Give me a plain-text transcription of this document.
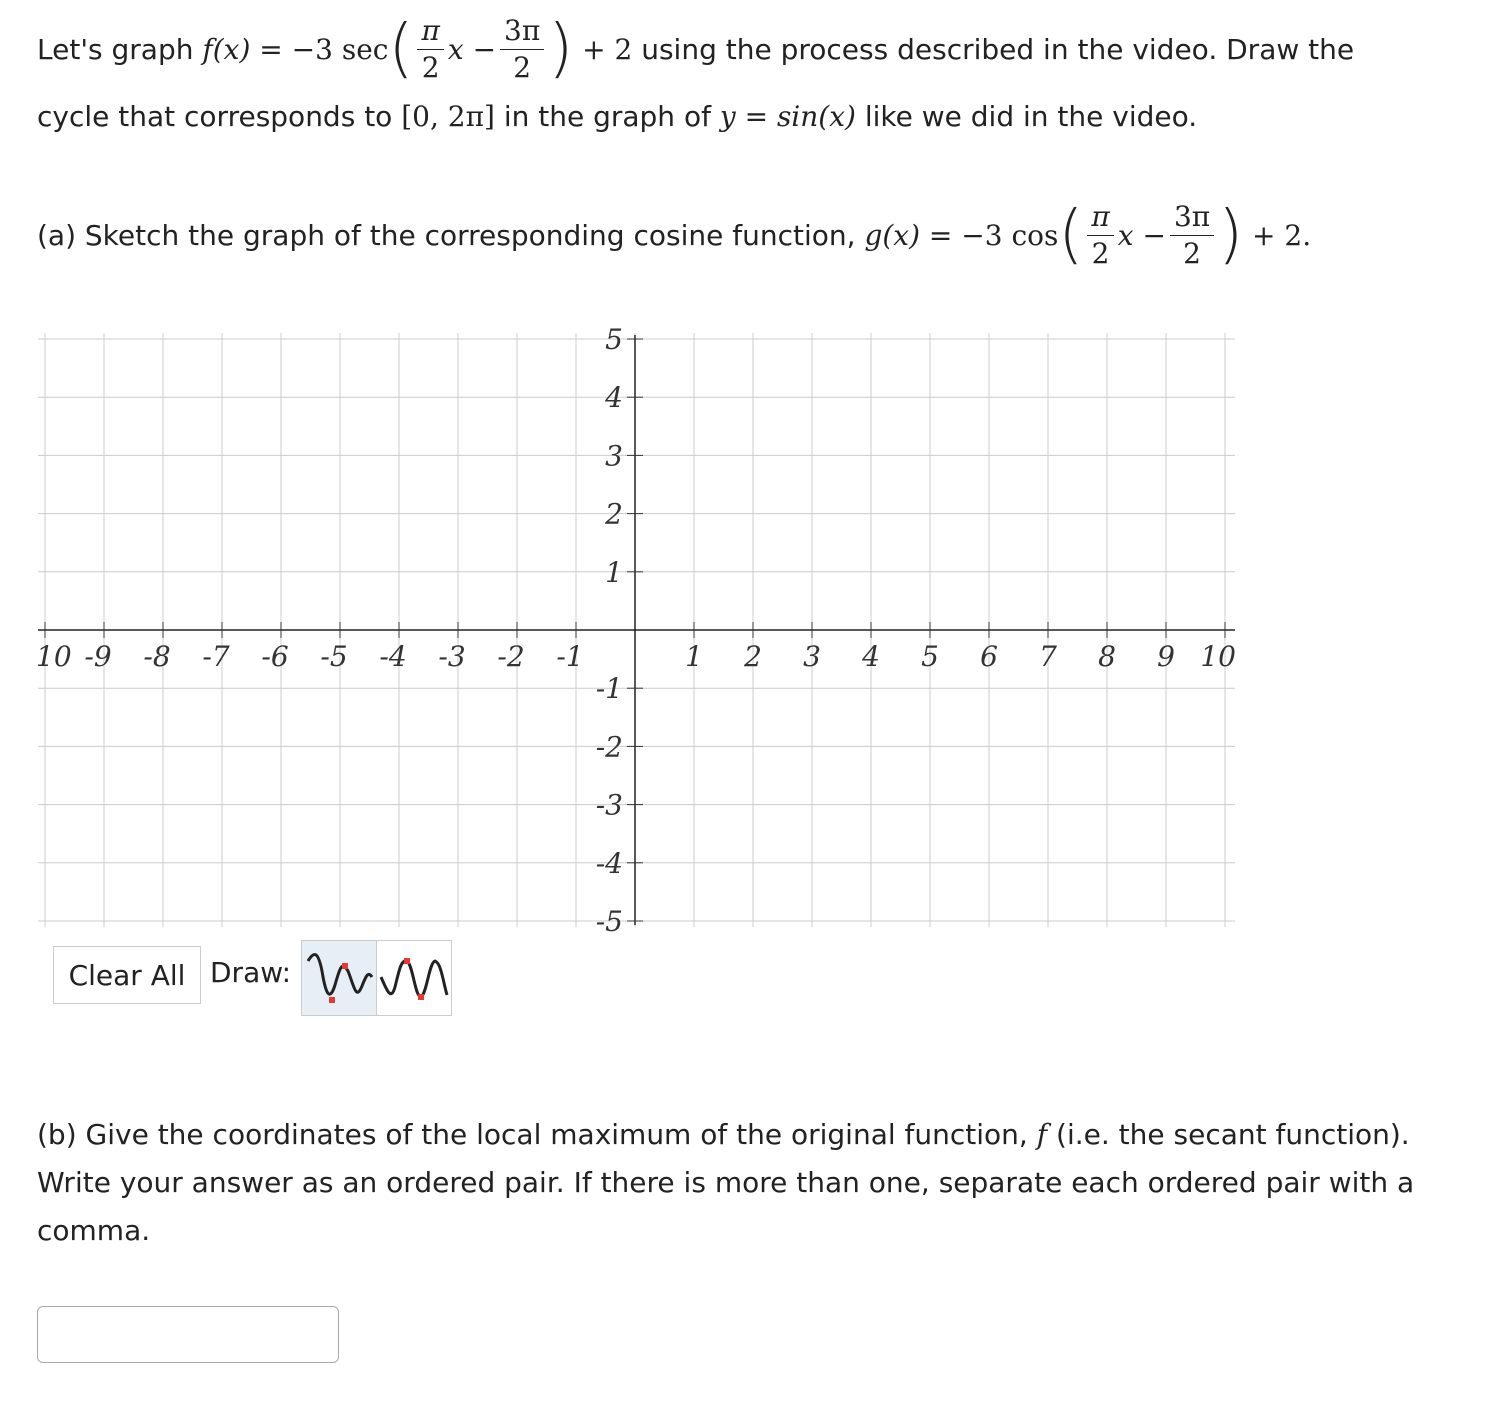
Let's graph
f(x) = −3 sec ( $\frac{\pi}{2}$ x
− $\frac{3\pi}{2}$ )
+ 2
using the process described in the video. Draw the
cycle that corresponds to [0, 2π] in the graph of y = sin(x) like we did in the video.
(a) Sketch the graph of the corresponding cosine function,
g(x) = −3 cos ( $\frac{\pi}{2}$ x
− $\frac{3\pi}{2}$ )
+ 2.
10 -9 -8 -7 -6 -5 -4 -3 -2 -1	1 2 3 4 5 6 7 8 9 10
5
4
3
2
1
-1
-2
-3
-4
-5
Clear All Draw:
(b) Give the coordinates of the local maximum of the original function, f (i.e. the secant function).
Write your answer as an ordered pair. If there is more than one, separate each ordered pair with a
comma.
